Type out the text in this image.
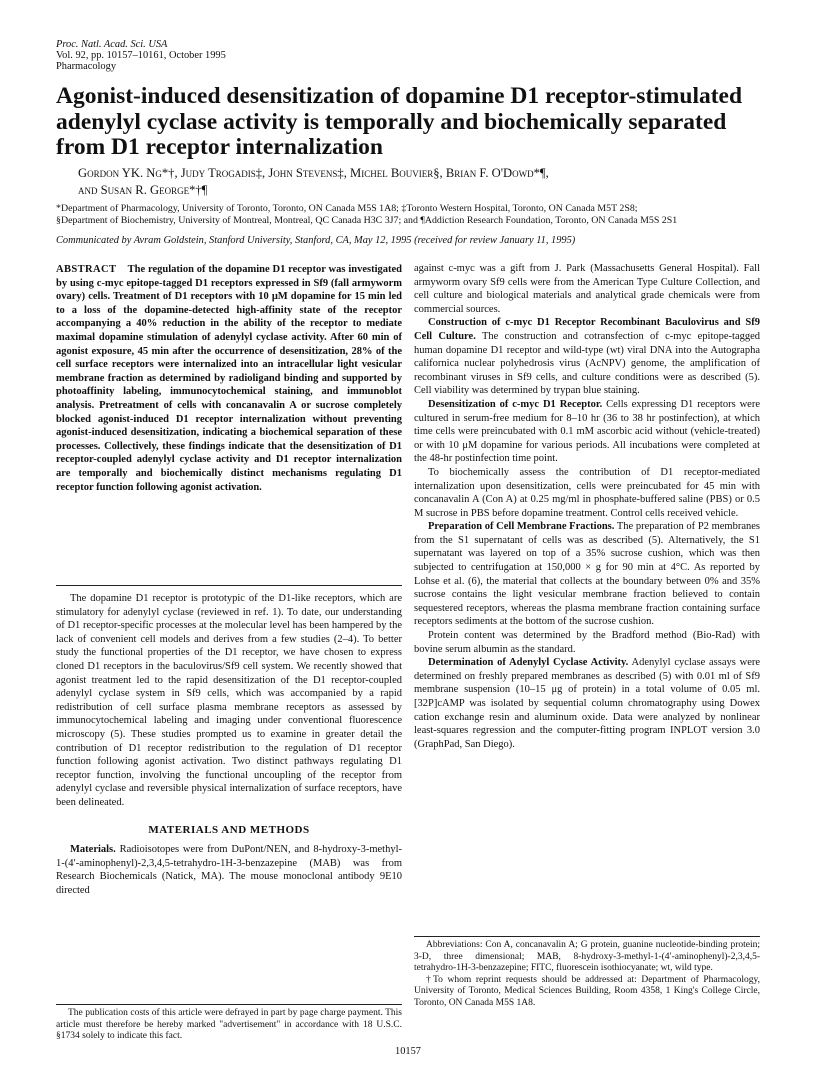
Proc. Natl. Acad. Sci. USA
Vol. 92, pp. 10157–10161, October 1995
Pharmacology
Agonist-induced desensitization of dopamine D1 receptor-stimulated adenylyl cyclase activity is temporally and biochemically separated from D1 receptor internalization
Gordon YK. Ng*†, Judy Trogadis‡, John Stevens‡, Michel Bouvier§, Brian F. O'Dowd*¶,
and Susan R. George*†¶
*Department of Pharmacology, University of Toronto, Toronto, ON Canada M5S 1A8; ‡Toronto Western Hospital, Toronto, ON Canada M5T 2S8;
§Department of Biochemistry, University of Montreal, Montreal, QC Canada H3C 3J7; and ¶Addiction Research Foundation, Toronto, ON Canada M5S 2S1
Communicated by Avram Goldstein, Stanford University, Stanford, CA, May 12, 1995 (received for review January 11, 1995)
ABSTRACT The regulation of the dopamine D1 receptor was investigated by using c-myc epitope-tagged D1 receptors expressed in Sf9 (fall armyworm ovary) cells. Treatment of D1 receptors with 10 μM dopamine for 15 min led to a loss of the dopamine-detected high-affinity state of the receptor accompanying a 40% reduction in the ability of the receptor to mediate maximal dopamine stimulation of adenylyl cyclase activity. After 60 min of agonist exposure, 45 min after the occurrence of desensitization, 28% of the cell surface receptors were internalized into an intracellular light vesicular membrane fraction as determined by radioligand binding and supported by photoaffinity labeling, immunocytochemical staining, and immunoblot analysis. Pretreatment of cells with concanavalin A or sucrose completely blocked agonist-induced D1 receptor internalization without preventing agonist-induced desensitization, indicating a biochemical separation of these processes. Collectively, these findings indicate that the desensitization of D1 receptor-coupled adenylyl cyclase activity and D1 receptor internalization are temporally and biochemically distinct mechanisms regulating D1 receptor function following agonist activation.

The dopamine D1 receptor is prototypic of the D1-like receptors, which are stimulatory for adenylyl cyclase (reviewed in ref. 1). To date, our understanding of D1 receptor-specific processes at the molecular level has been hampered by the lack of convenient cell models and derives from a few studies (2–4). To better study the functional properties of the D1 receptor, we have chosen to express cloned D1 receptors in the baculovirus/Sf9 cell system. We recently showed that agonist treatment led to the rapid desensitization of the D1 receptor-coupled adenylyl cyclase system in Sf9 cells, which was accompanied by a rapid redistribution of cell surface plasma membrane receptors as assessed by immunocytochemical labeling and imaging under conventional fluorescence microscopy (5). These studies prompted us to examine in greater detail the contribution of D1 receptor redistribution to the regulation of D1 receptor function following agonist activation. Two distinct pathways regulating D1 receptor function, involving the functional uncoupling of the receptor from adenylyl cyclase and reversible physical internalization of surface receptors, have been delineated.

MATERIALS AND METHODS

Materials. Radioisotopes were from DuPont/NEN, and 8-hydroxy-3-methyl-1-(4′-aminophenyl)-2,3,4,5-tetrahydro-1H-3-benzazepine (MAB) was from Research Biochemicals (Natick, MA). The mouse monoclonal antibody 9E10 directed

The publication costs of this article were defrayed in part by page charge payment. This article must therefore be hereby marked "advertisement" in accordance with 18 U.S.C. §1734 solely to indicate this fact.

against c-myc was a gift from J. Park (Massachusetts General Hospital). Fall armyworm ovary Sf9 cells were from the American Type Culture Collection, and cell culture and biological materials and analytical grade chemicals were from commercial sources.

Construction of c-myc D1 Receptor Recombinant Baculovirus and Sf9 Cell Culture. The construction and cotransfection of c-myc epitope-tagged human dopamine D1 receptor and wild-type (wt) viral DNA into the Autographa californica nuclear polyhedrosis virus (AcNPV) genome, the amplification of recombinant viruses in Sf9 cells, and culture conditions were as described (5). Cell viability was determined by trypan blue staining.

Desensitization of c-myc D1 Receptor. Cells expressing D1 receptors were cultured in serum-free medium for 8–10 hr (36 to 38 hr postinfection), at which time cells were preincubated with 0.1 mM ascorbic acid without (vehicle-treated) or with 10 μM dopamine for various periods. All incubations were completed at the 48-hr postinfection time point.

To biochemically assess the contribution of D1 receptor-mediated internalization upon desensitization, cells were preincubated for 45 min with concanavalin A (Con A) at 0.25 mg/ml in phosphate-buffered saline (PBS) or 0.5 M sucrose in PBS before dopamine treatment. Control cells received vehicle.

Preparation of Cell Membrane Fractions. The preparation of P2 membranes from the S1 supernatant of cells was as described (5). Alternatively, the S1 supernatant was layered on top of a 35% sucrose cushion, which was then subjected to centrifugation at 150,000 × g for 90 min at 4°C. As reported by Lohse et al. (6), the material that collects at the boundary between 0% and 35% sucrose contains the light vesicular membrane fraction believed to contain sequestered receptors, whereas the plasma membrane fraction containing surface receptors sediments at the bottom of the sucrose cushion.

Protein content was determined by the Bradford method (Bio-Rad) with bovine serum albumin as the standard.

Determination of Adenylyl Cyclase Activity. Adenylyl cyclase assays were determined on freshly prepared membranes as described (5) with 0.01 ml of Sf9 membrane suspension (10–15 μg of protein) in a total volume of 0.05 ml. [32P]cAMP was isolated by sequential column chromatography using Dowex cation exchange resin and aluminum oxide. Data were analyzed by nonlinear least-squares regression and the computer-fitting program INPLOT version 3.0 (GraphPad, San Diego).

Abbreviations: Con A, concanavalin A; G protein, guanine nucleotide-binding protein; 3-D, three dimensional; MAB, 8-hydroxy-3-methyl-1-(4′-aminophenyl)-2,3,4,5-tetrahydro-1H-3-benzazepine; FITC, fluorescein isothiocyanate; wt, wild type.

†To whom reprint requests should be addressed at: Department of Pharmacology, University of Toronto, Medical Sciences Building, Room 4358, 1 King's College Circle, Toronto, ON Canada M5S 1A8.

10157
